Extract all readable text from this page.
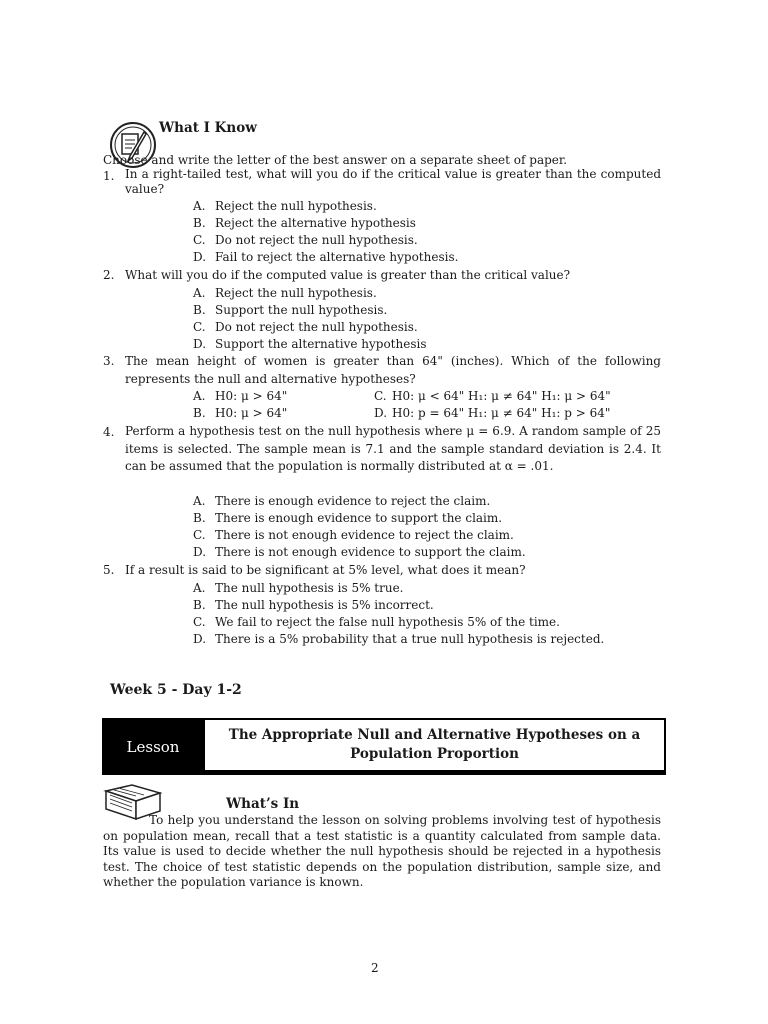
What I Know
Choose and write the letter of the best answer on a separate sheet of paper.
1. In a right-tailed test, what will you do if the critical value is greater than the computed value?
A. Reject the null hypothesis.
B. Reject the alternative hypothesis
C. Do not reject the null hypothesis.
D. Fail to reject the alternative hypothesis.
2. What will you do if the computed value is greater than the critical value?
A. Reject the null hypothesis.
B. Support the null hypothesis.
C. Do not reject the null hypothesis.
D. Support the alternative hypothesis
3. The mean height of women is greater than 64" (inches). Which of the following represents the null and alternative hypotheses?
A. H0: μ > 64"
B. H0: μ > 64"
C. H0: μ < 64" H₁: μ ≠ 64" H₁: μ > 64"
D. H0: p = 64" H₁: μ ≠ 64" H₁: p > 64"
4. Perform a hypothesis test on the null hypothesis where μ = 6.9. A random sample of 25 items is selected. The sample mean is 7.1 and the sample standard deviation is 2.4. It can be assumed that the population is normally distributed at α = .01.
A. There is enough evidence to reject the claim.
B. There is enough evidence to support the claim.
C. There is not enough evidence to reject the claim.
D. There is not enough evidence to support the claim.
5. If a result is said to be significant at 5% level, what does it mean?
A. The null hypothesis is 5% true.
B. The null hypothesis is 5% incorrect.
C. We fail to reject the false null hypothesis 5% of the time.
D. There is a 5% probability that a true null hypothesis is rejected.
Week 5 - Day 1-2
Lesson
The Appropriate Null and Alternative Hypotheses on a Population Proportion
What’s In
To help you understand the lesson on solving problems involving test of hypothesis on population mean, recall that a test statistic is a quantity calculated from sample data. Its value is used to decide whether the null hypothesis should be rejected in a hypothesis test. The choice of test statistic depends on the population distribution, sample size, and whether the population variance is known.
2
